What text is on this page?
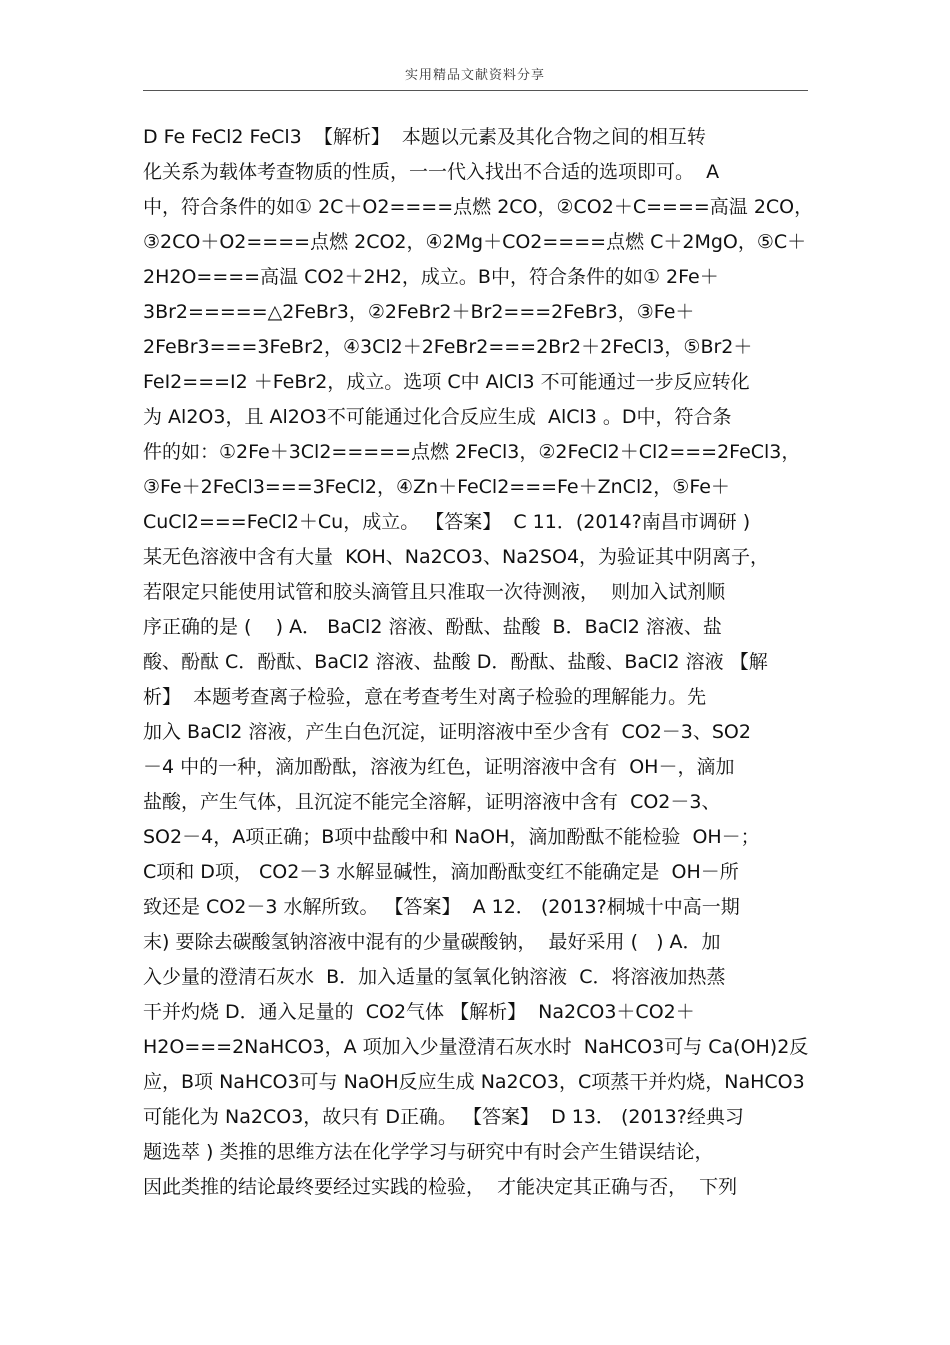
实用精品文献资料分享
D Fe FeCl2 FeCl3  【解析】  本题以元素及其化合物之间的相互转
化关系为载体考查物质的性质，一一代入找出不合适的选项即可。  A
中，符合条件的如① 2C＋O2====点燃 2CO，②CO2＋C====高温 2CO，
③2CO＋O2====点燃 2CO2，④2Mg＋CO2====点燃 C＋2MgO，⑤C＋
2H2O====高温 CO2＋2H2，成立。B中，符合条件的如① 2Fe＋
3Br2=====△2FeBr3，②2FeBr2＋Br2===2FeBr3，③Fe＋
2FeBr3===3FeBr2，④3Cl2＋2FeBr2===2Br2＋2FeCl3，⑤Br2＋
FeI2===I2 ＋FeBr2，成立。选项 C中 AlCl3 不可能通过一步反应转化
为 Al2O3，且 Al2O3不可能通过化合反应生成  AlCl3 。D中，符合条
件的如：①2Fe＋3Cl2=====点燃 2FeCl3，②2FeCl2＋Cl2===2FeCl3，
③Fe＋2FeCl3===3FeCl2，④Zn＋FeCl2===Fe＋ZnCl2，⑤Fe＋
CuCl2===FeCl2＋Cu，成立。 【答案】  C 11．(2014?南昌市调研 )
某无色溶液中含有大量  KOH、Na2CO3、Na2SO4，为验证其中阴离子，
若限定只能使用试管和胶头滴管且只准取一次待测液，  则加入试剂顺
序正确的是 (    ) A． BaCl2 溶液、酚酞、盐酸  B．BaCl2 溶液、盐
酸、酚酞 C．酚酞、BaCl2 溶液、盐酸 D．酚酞、盐酸、BaCl2 溶液 【解
析】  本题考查离子检验，意在考查考生对离子检验的理解能力。先
加入 BaCl2 溶液，产生白色沉淀，证明溶液中至少含有  CO2－3、SO2
－4 中的一种，滴加酚酞，溶液为红色，证明溶液中含有  OH－，滴加
盐酸，产生气体，且沉淀不能完全溶解，证明溶液中含有  CO2－3、
SO2－4，A项正确；B项中盐酸中和 NaOH，滴加酚酞不能检验  OH－；
C项和 D项， CO2－3 水解显碱性，滴加酚酞变红不能确定是  OH－所
致还是 CO2－3 水解所致。 【答案】  A 12． (2013?桐城十中高一期
末) 要除去碳酸氢钠溶液中混有的少量碳酸钠，  最好采用 (   ) A．加
入少量的澄清石灰水  B．加入适量的氢氧化钠溶液  C．将溶液加热蒸
干并灼烧 D．通入足量的  CO2气体 【解析】  Na2CO3＋CO2＋
H2O===2NaHCO3，A 项加入少量澄清石灰水时  NaHCO3可与 Ca(OH)2反
应，B项 NaHCO3可与 NaOH反应生成 Na2CO3，C项蒸干并灼烧，NaHCO3
可能化为 Na2CO3，故只有 D正确。 【答案】  D 13． (2013?经典习
题选萃 ) 类推的思维方法在化学学习与研究中有时会产生错误结论，
因此类推的结论最终要经过实践的检验，  才能决定其正确与否，  下列
